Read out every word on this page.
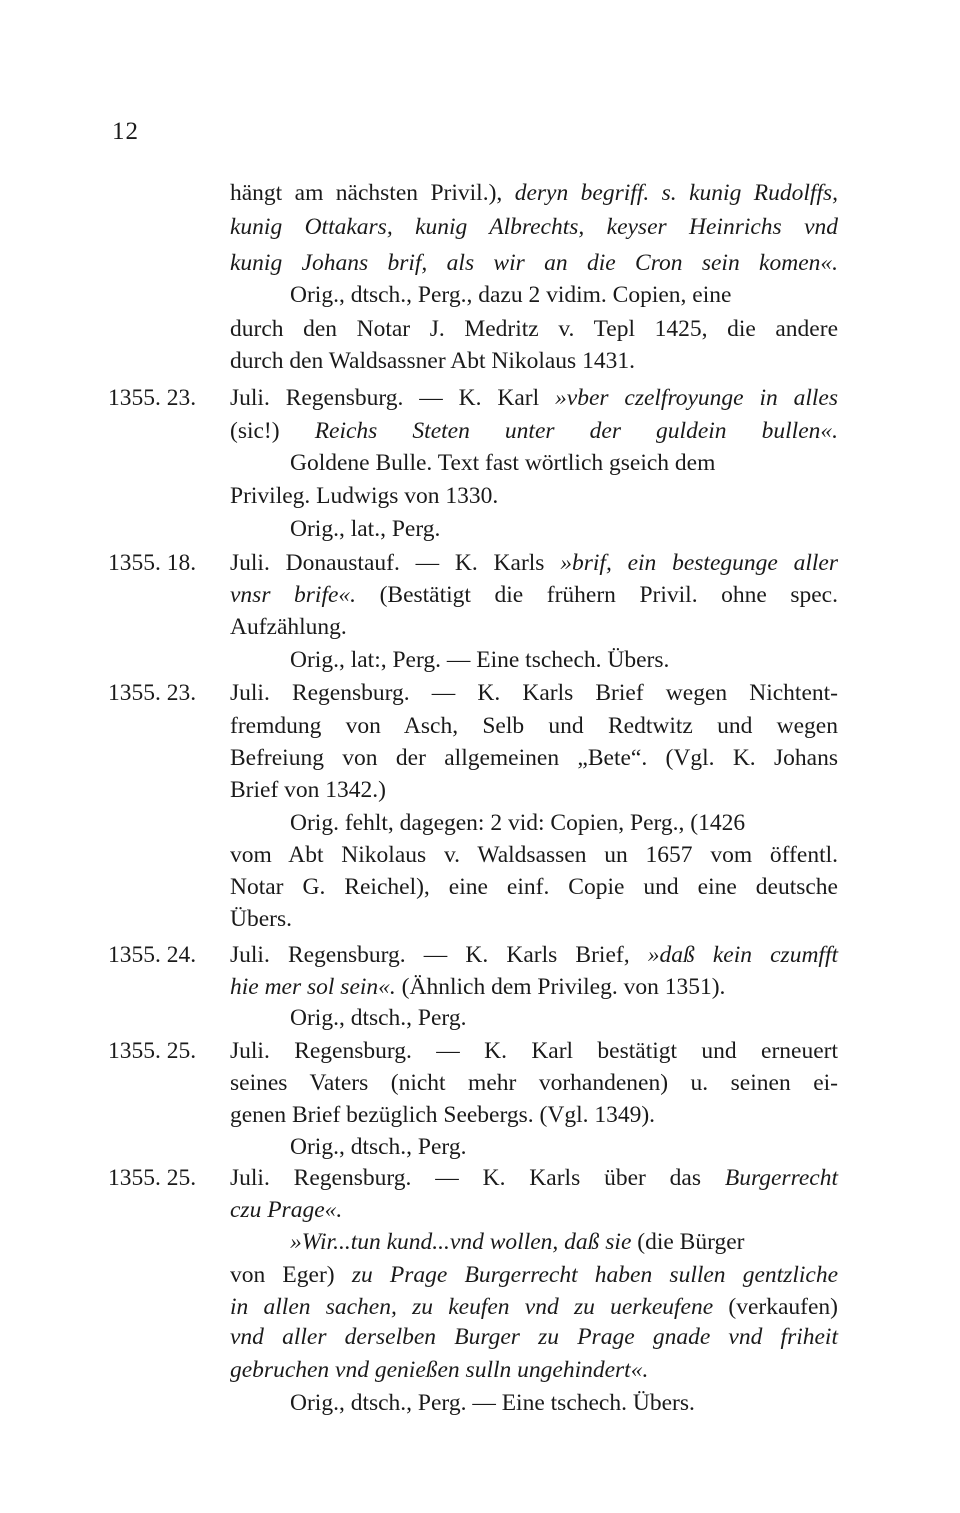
12
hängt am nächsten Privil.), deryn begriff. s. kunig Rudolffs,
kunig Ottakars, kunig Albrechts, keyser Heinrichs vnd
kunig Johans brif, als wir an die Cron sein komen«.
Orig., dtsch., Perg., dazu 2 vidim. Copien, eine
durch den Notar J. Medritz v. Tepl 1425, die andere
durch den Waldsassner Abt Nikolaus 1431.
1355. 23. Juli. Regensburg. — K. Karl »vber czelfroyunge in alles
(sic!) Reichs Steten unter der guldein bullen«.
Goldene Bulle. Text fast wörtlich gseich dem
Privileg. Ludwigs von 1330.
Orig., lat., Perg.
1355. 18. Juli. Donaustauf. — K. Karls »brif, ein bestegunge aller
vnsr brife«. (Bestätigt die frühern Privil. ohne spec.
Aufzählung.
Orig., lat:, Perg. — Eine tschech. Übers.
1355. 23. Juli. Regensburg. — K. Karls Brief wegen Nichtent-
fremdung von Asch, Selb und Redtwitz und wegen
Befreiung von der allgemeinen „Bete“. (Vgl. K. Johans
Brief von 1342.)
Orig. fehlt, dagegen: 2 vid: Copien, Perg., (1426
vom Abt Nikolaus v. Waldsassen un 1657 vom öffentl.
Notar G. Reichel), eine einf. Copie und eine deutsche
Übers.
1355. 24. Juli. Regensburg. — K. Karls Brief, »daß kein czumfft
hie mer sol sein«. (Ähnlich dem Privileg. von 1351).
Orig., dtsch., Perg.
1355. 25. Juli. Regensburg. — K. Karl bestätigt und erneuert
seines Vaters (nicht mehr vorhandenen) u. seinen ei-
genen Brief bezüglich Seebergs. (Vgl. 1349).
Orig., dtsch., Perg.
1355. 25. Juli. Regensburg. — K. Karls über das Burgerrecht
czu Prage«.
»Wir...tun kund...vnd wollen, daß sie (die Bürger
von Eger) zu Prage Burgerrecht haben sullen gentzliche
in allen sachen, zu keufen vnd zu uerkeufene (verkaufen)
vnd aller derselben Burger zu Prage gnade vnd friheit
gebruchen vnd genießen sulln ungehindert«.
Orig., dtsch., Perg. — Eine tschech. Übers.
